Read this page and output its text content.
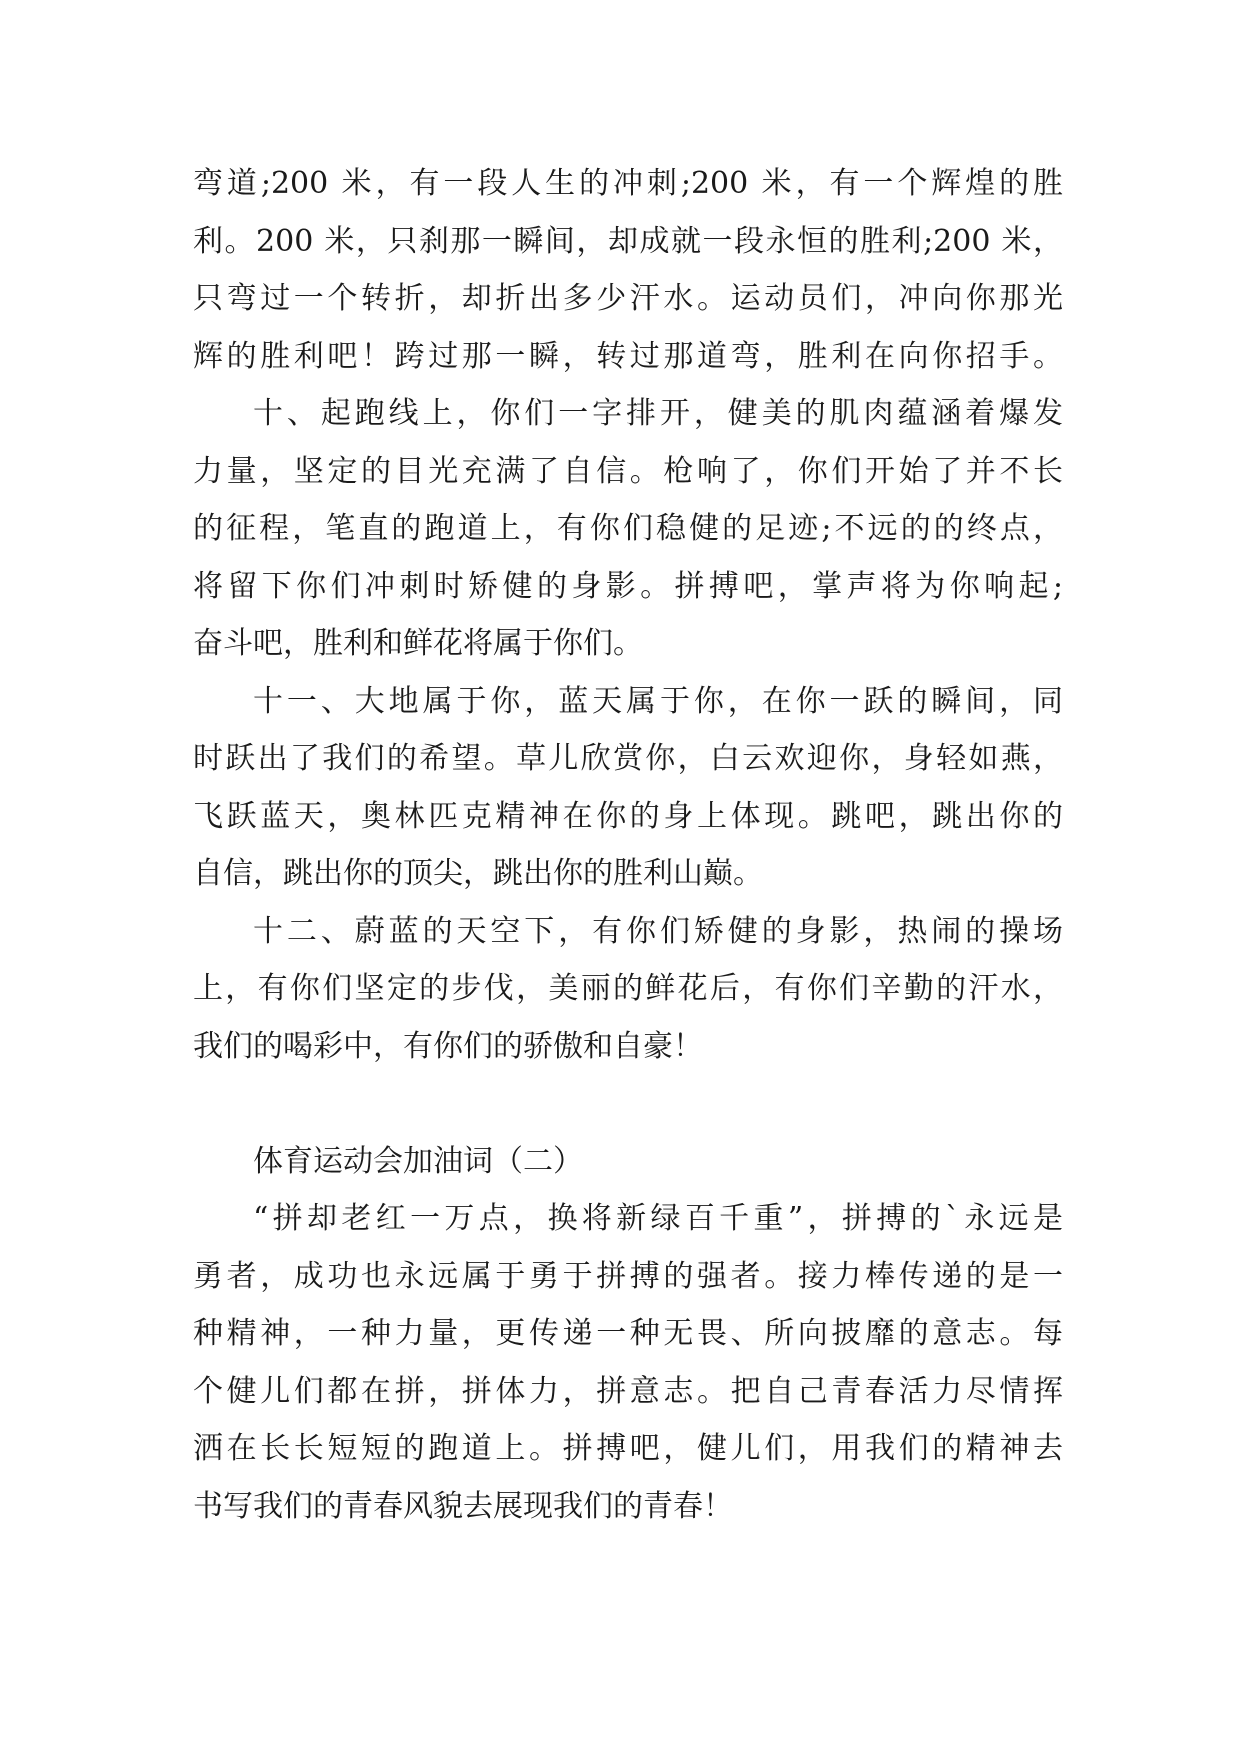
弯道;200 米，有一段人生的冲刺;200 米，有一个辉煌的胜
利。200 米，只刹那一瞬间，却成就一段永恒的胜利;200 米，
只弯过一个转折，却折出多少汗水。运动员们，冲向你那光
辉的胜利吧！跨过那一瞬，转过那道弯，胜利在向你招手。
十、起跑线上，你们一字排开，健美的肌肉蕴涵着爆发
力量，坚定的目光充满了自信。枪响了，你们开始了并不长
的征程，笔直的跑道上，有你们稳健的足迹;不远的的终点，
将留下你们冲刺时矫健的身影。拼搏吧，掌声将为你响起;
奋斗吧，胜利和鲜花将属于你们。
十一、大地属于你，蓝天属于你，在你一跃的瞬间，同
时跃出了我们的希望。草儿欣赏你，白云欢迎你，身轻如燕，
飞跃蓝天，奥林匹克精神在你的身上体现。跳吧，跳出你的
自信，跳出你的顶尖，跳出你的胜利山巅。
十二、蔚蓝的天空下，有你们矫健的身影，热闹的操场
上，有你们坚定的步伐，美丽的鲜花后，有你们辛勤的汗水，
我们的喝彩中，有你们的骄傲和自豪！
体育运动会加油词（二）
“拼却老红一万点，换将新绿百千重”，拼搏的`永远是
勇者，成功也永远属于勇于拼搏的强者。接力棒传递的是一
种精神，一种力量，更传递一种无畏、所向披靡的意志。每
个健儿们都在拼，拼体力，拼意志。把自己青春活力尽情挥
洒在长长短短的跑道上。拼搏吧，健儿们，用我们的精神去
书写我们的青春风貌去展现我们的青春！
